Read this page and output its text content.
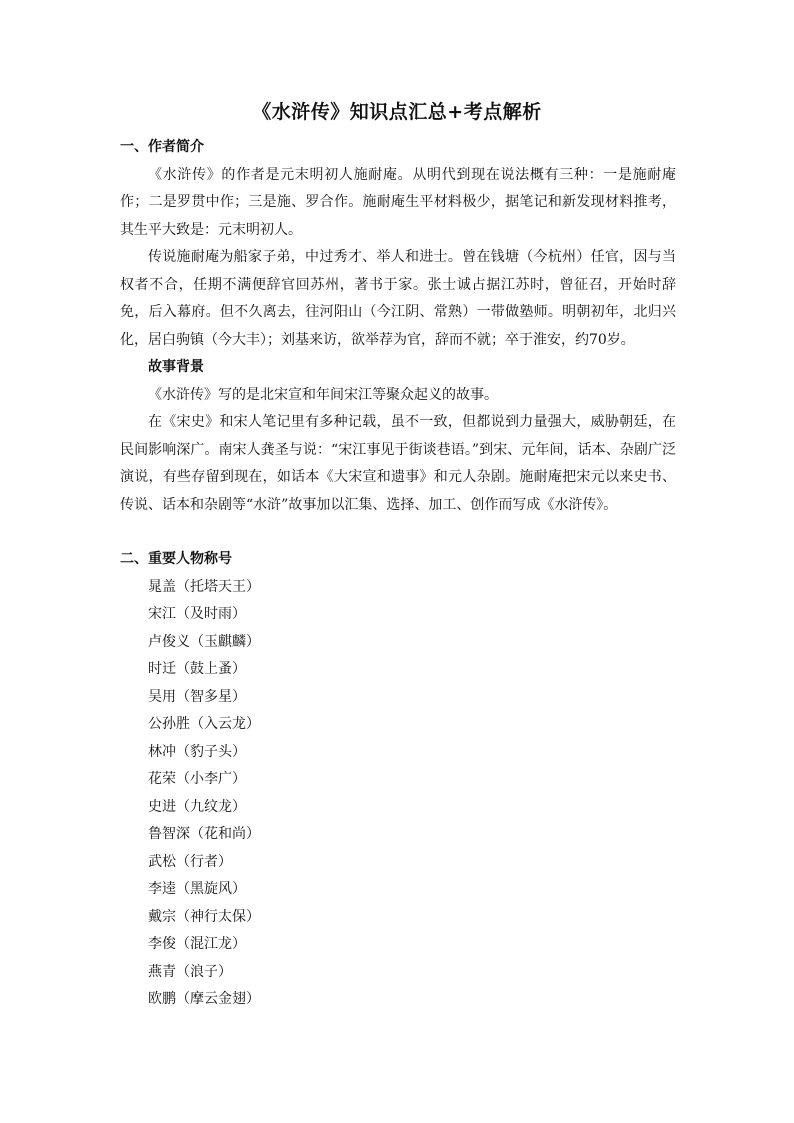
《水浒传》知识点汇总+考点解析
一、作者简介
《水浒传》的作者是元末明初人施耐庵。从明代到现在说法概有三种：一是施耐庵作；二是罗贯中作；三是施、罗合作。施耐庵生平材料极少，据笔记和新发现材料推考，其生平大致是：元末明初人。
传说施耐庵为船家子弟，中过秀才、举人和进士。曾在钱塘（今杭州）任官，因与当权者不合，任期不满便辞官回苏州，著书于家。张士诚占据江苏时，曾征召，开始时辞免，后入幕府。但不久离去，往河阳山（今江阴、常熟）一带做塾师。明朝初年，北归兴化，居白驹镇（今大丰）；刘基来访，欲举荐为官，辞而不就；卒于淮安，约70岁。
故事背景
《水浒传》写的是北宋宣和年间宋江等聚众起义的故事。
在《宋史》和宋人笔记里有多种记载，虽不一致，但都说到力量强大，威胁朝廷，在民间影响深广。南宋人龚圣与说：“宋江事见于街谈巷语。”到宋、元年间，话本、杂剧广泛演说，有些存留到现在，如话本《大宋宣和遗事》和元人杂剧。施耐庵把宋元以来史书、传说、话本和杂剧等“水浒”故事加以汇集、选择、加工、创作而写成《水浒传》。
二、重要人物称号
晁盖（托塔天王）
宋江（及时雨）
卢俊义（玉麒麟）
时迁（鼓上蚤）
吴用（智多星）
公孙胜（入云龙）
林冲（豹子头）
花荣（小李广）
史进（九纹龙）
鲁智深（花和尚）
武松（行者）
李逵（黑旋风）
戴宗（神行太保）
李俊（混江龙）
燕青（浪子）
欧鹏（摩云金翅）
